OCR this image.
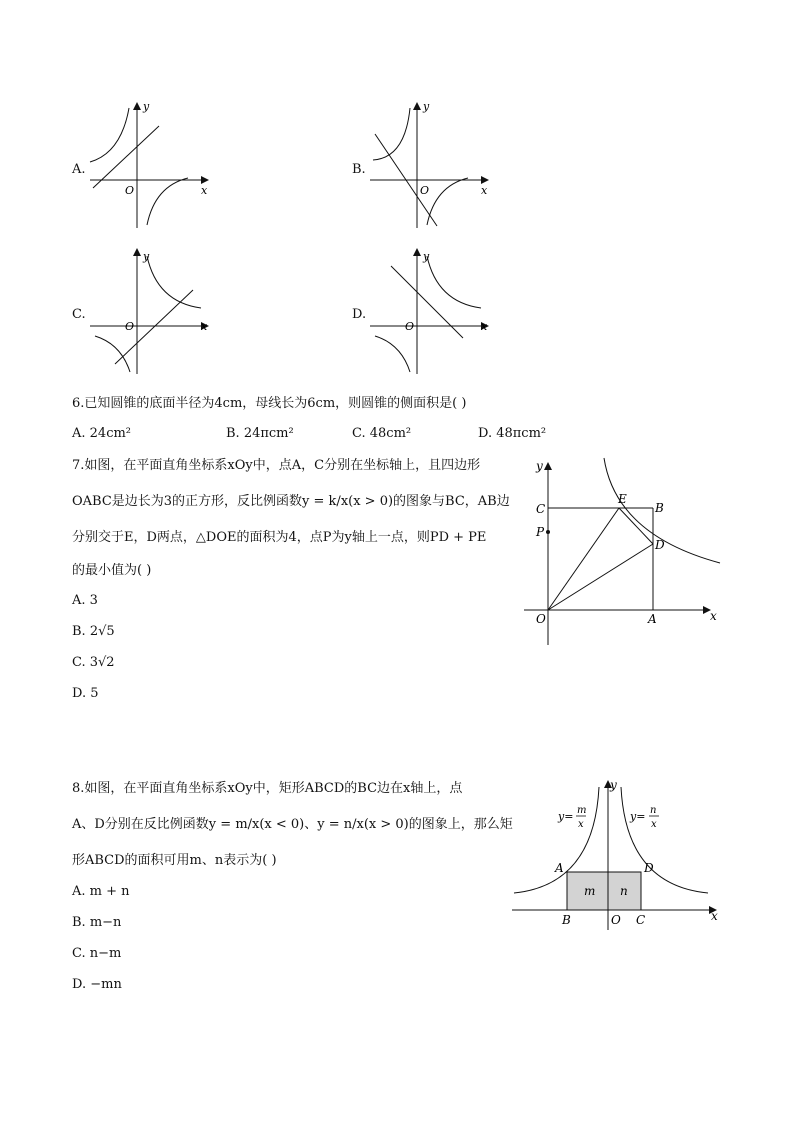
A.
y
x
O
B.
y
x
O
C.
y
x
O
D.
y
x
O
6.已知圆锥的底面半径为4cm，母线长为6cm，则圆锥的侧面积是( )
A. 24cm²	B. 24πcm²	C. 48cm²	D. 48πcm²
7.如图，在平面直角坐标系xOy中，点A，C分别在坐标轴上，且四边形
OABC是边长为3的正方形，反比例函数y = k/x(x > 0)的图象与BC，AB边
分别交于E，D两点，△DOE的面积为4，点P为y轴上一点，则PD + PE
的最小值为( )
A. 3
B. 2√5
C. 3√2
D. 5
y
x
O	A
B
C
D
E
P
8.如图，在平面直角坐标系xOy中，矩形ABCD的BC边在x轴上，点
A、D分别在反比例函数y = m/x(x < 0)、y = n/x(x > 0)的图象上，那么矩
形ABCD的面积可用m、n表示为( )
A. m + n
B. m−n
C. n−m
D. −mn
y
x
O
A
B	C
D
m n
y= m
x
y= n
x
